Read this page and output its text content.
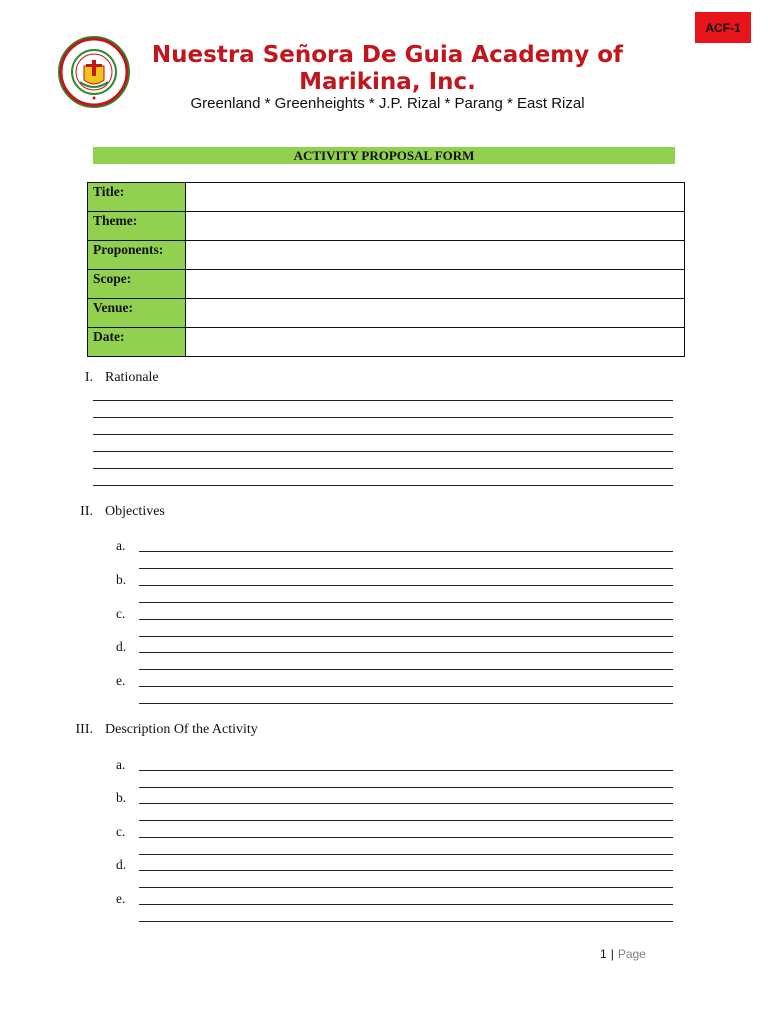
ACF-1
Nuestra Señora De Guia Academy of
Marikina, Inc.
Greenland * Greenheights * J.P. Rizal * Parang * East Rizal
ACTIVITY PROPOSAL FORM
Title:	
Theme:	
Proponents:	
Scope:	
Venue:	
Date:	
I. Rationale
II. Objectives
a.
b.
c.
d.
e.
III. Description Of the Activity
a.
b.
c.
d.
e.
1 | Page
